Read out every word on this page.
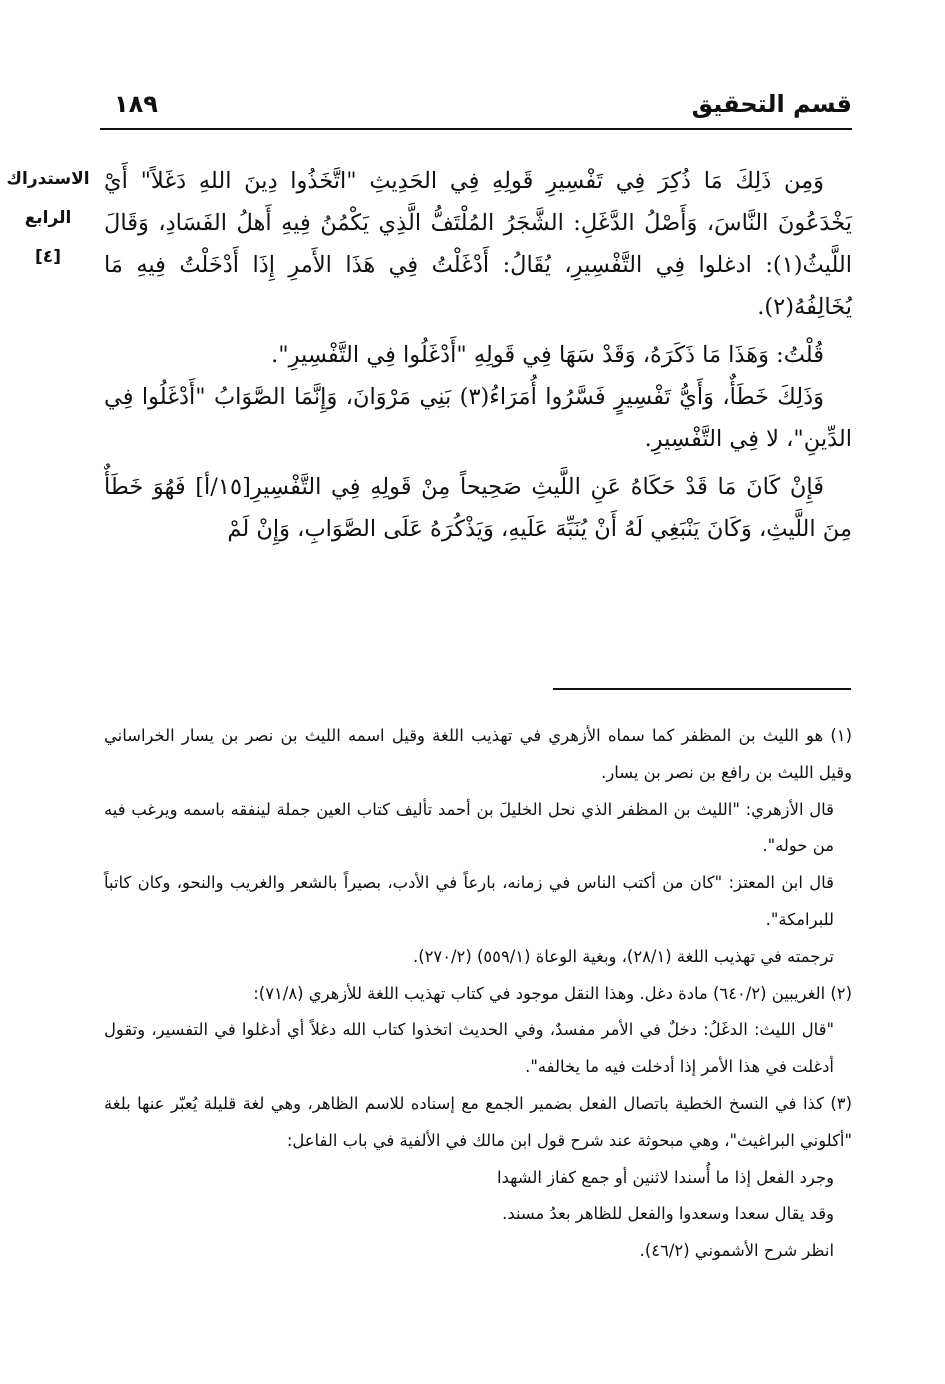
١٨٩	قسم التحقيق
الاستدراك
الرابع
[٤]

وَمِن ذَلِكَ مَا ذُكِرَ فِي تَفْسِيرِ قَولِهِ فِي الحَدِيثِ "اتَّخَذُوا دِينَ اللهِ دَغَلاً" أَيْ يَخْدَعُونَ النَّاسَ، وَأَصْلُ الدَّغَلِ: الشَّجَرُ المُلْتَفُّ الَّذِي يَكْمُنُ فِيهِ أَهلُ الفَسَادِ، وَقَالَ اللَّيثُ(١): ادغلوا فِي التَّفْسِيرِ، يُقَالُ: أَدْغَلْتُ فِي هَذَا الأَمرِ إِذَا أَدْخَلْتُ فِيهِ مَا يُخَالِفُهُ(٢).

قُلْتُ: وَهَذَا مَا ذَكَرَهُ، وَقَدْ سَهَا فِي قَولِهِ "أَدْغَلُوا فِي التَّفْسِيرِ".

وَذَلِكَ خَطَأٌ، وَأَيُّ تَفْسِيرٍ فَسَّرُوا أُمَرَاءُ(٣) بَنِي مَرْوَانَ، وَإِنَّمَا الصَّوَابُ "أَدْغَلُوا فِي الدِّينِ"، لا فِي التَّفْسِيرِ.

فَإِنْ كَانَ مَا قَدْ حَكَاهُ عَنِ اللَّيثِ صَحِيحاً مِنْ قَولِهِ فِي التَّفْسِيرِ[١٥/أ] فَهُوَ خَطَأٌ مِنَ اللَّيثِ، وَكَانَ يَنْبَغِي لَهُ أَنْ يُنَبِّهَ عَلَيهِ، وَيَذْكُرَهُ عَلَى الصَّوَابِ، وَإِنْ لَمْ

(١) هو الليث بن المظفر كما سماه الأزهري في تهذيب اللغة وقيل اسمه الليث بن نصر بن يسار الخراساني وقيل الليث بن رافع بن نصر بن يسار.

قال الأزهري: "الليث بن المظفر الذي نحل الخليلَ بن أحمد تأليف كتاب العين جملة لينفقه باسمه ويرغب فيه من حوله".

قال ابن المعتز: "كان من أكتب الناس في زمانه، بارعاً في الأدب، بصيراً بالشعر والغريب والنحو، وكان كاتباً للبرامكة".

ترجمته في تهذيب اللغة (٢٨/١)، وبغية الوعاة (٥٥٩/١) (٢٧٠/٢).

(٢) الغريبين (٦٤٠/٢) مادة دغل. وهذا النقل موجود في كتاب تهذيب اللغة للأزهري (٧١/٨):

"قال الليث: الدغَلُ: دخلٌ في الأمر مفسدٌ، وفي الحديث اتخذوا كتاب الله دغلاً أي أدغلوا في التفسير، وتقول أدغلت في هذا الأمر إذا أدخلت فيه ما يخالفه".

(٣) كذا في النسخ الخطية باتصال الفعل بضمير الجمع مع إسناده للاسم الظاهر، وهي لغة قليلة يُعبّر عنها بلغة "أكلوني البراغيث"، وهي مبحوثة عند شرح قول ابن مالك في الألفية في باب الفاعل:

وجرد الفعل إذا ما أُسندا لاثنين أو جمع كفاز الشهدا

وقد يقال سعدا وسعدوا والفعل للظاهر بعدُ مسند.

انظر شرح الأشموني (٤٦/٢).
